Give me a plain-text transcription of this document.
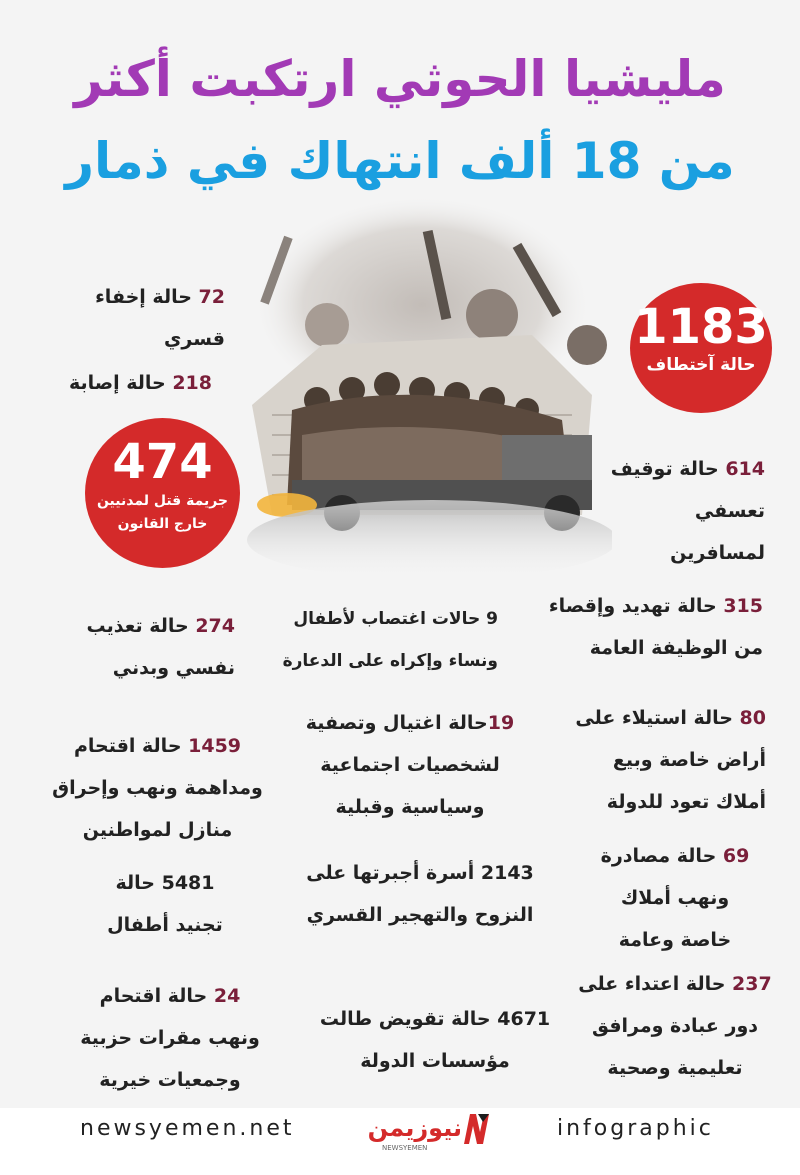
مليشيا الحوثي ارتكبت أكثر
من 18 ألف انتهاك في ذمار
1183
حالة آختطاف
474
جريمة قتل لمدنيين
خارج القانون
72 حالة إخفاء
قسري
218 حالة إصابة
614 حالة توقيف
تعسفي لمسافرين
315 حالة تهديد وإقصاء
من الوظيفة العامة
9 حالات اغتصاب لأطفال
ونساء وإكراه على الدعارة
274 حالة تعذيب
نفسي وبدني
80 حالة استيلاء على
أراض خاصة وبيع
أملاك تعود للدولة
19حالة اغتيال وتصفية
لشخصيات اجتماعية
وسياسية وقبلية
1459 حالة اقتحام
ومداهمة ونهب وإحراق
منازل لمواطنين
69 حالة مصادرة
ونهب أملاك
خاصة وعامة
2143 أسرة أجبرتها على
النزوح والتهجير القسري
5481 حالة
تجنيد أطفال
237 حالة اعتداء على
دور عبادة ومرافق
تعليمية وصحية
4671 حالة تقويض طالت
مؤسسات الدولة
24 حالة اقتحام
ونهب مقرات حزبية
وجمعيات خيرية
newsyemen.net	نيوزيمن
NEWSYEMEN
infographic
